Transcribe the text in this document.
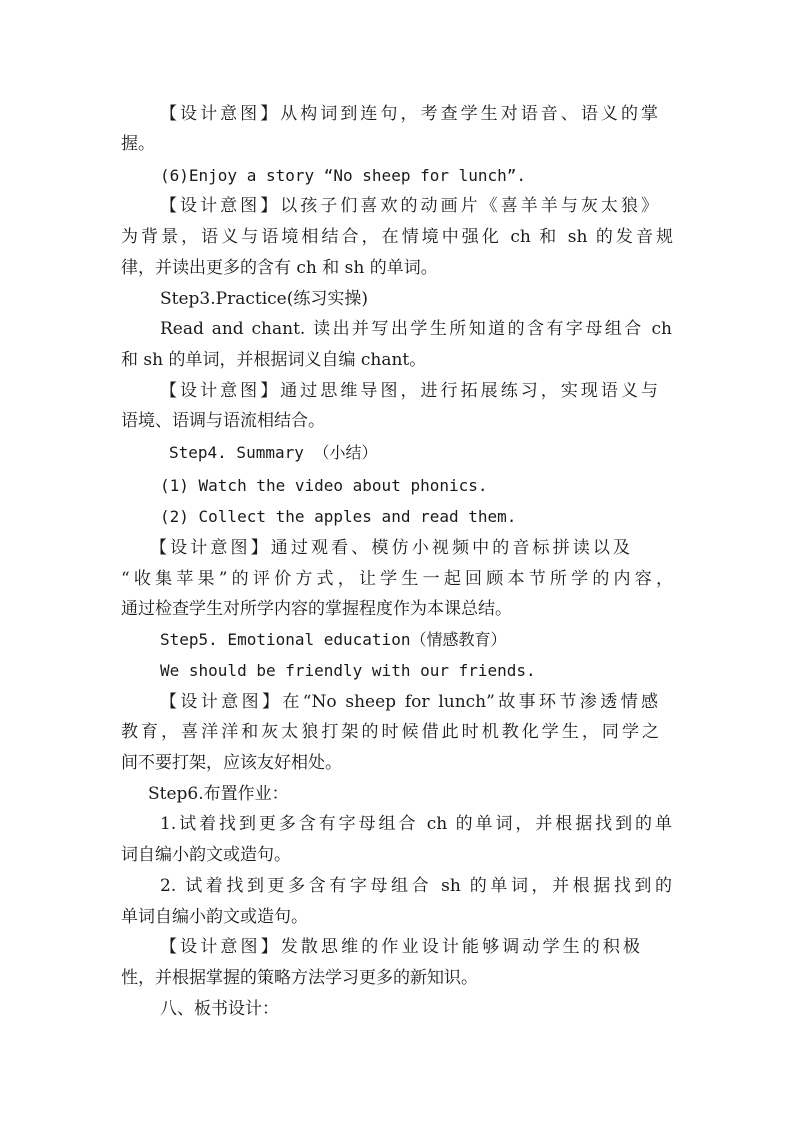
【设计意图】从构词到连句，考查学生对语音、语义的掌
握。
(6)Enjoy a story “No sheep for lunch”.
【设计意图】以孩子们喜欢的动画片《喜羊羊与灰太狼》
为背景，语义与语境相结合，在情境中强化 ch 和 sh 的发音规
律，并读出更多的含有 ch 和 sh 的单词。
Step3.Practice(练习实操)
Read and chant. 读出并写出学生所知道的含有字母组合 ch
和 sh 的单词，并根据词义自编 chant。
【设计意图】通过思维导图，进行拓展练习，实现语义与
语境、语调与语流相结合。
Step4. Summary （小结）
(1) Watch the video about phonics.
(2) Collect the apples and read them.
【设计意图】通过观看、模仿小视频中的音标拼读以及
“收集苹果”的评价方式，让学生一起回顾本节所学的内容，
通过检查学生对所学内容的掌握程度作为本课总结。
Step5. Emotional education（情感教育）
We should be friendly with our friends.
【设计意图】在“No sheep for lunch”故事环节渗透情感
教育，喜洋洋和灰太狼打架的时候借此时机教化学生，同学之
间不要打架，应该友好相处。
Step6.布置作业：
1.试着找到更多含有字母组合 ch 的单词，并根据找到的单
词自编小韵文或造句。
2. 试着找到更多含有字母组合 sh 的单词，并根据找到的
单词自编小韵文或造句。
【设计意图】发散思维的作业设计能够调动学生的积极
性，并根据掌握的策略方法学习更多的新知识。
八、板书设计：
